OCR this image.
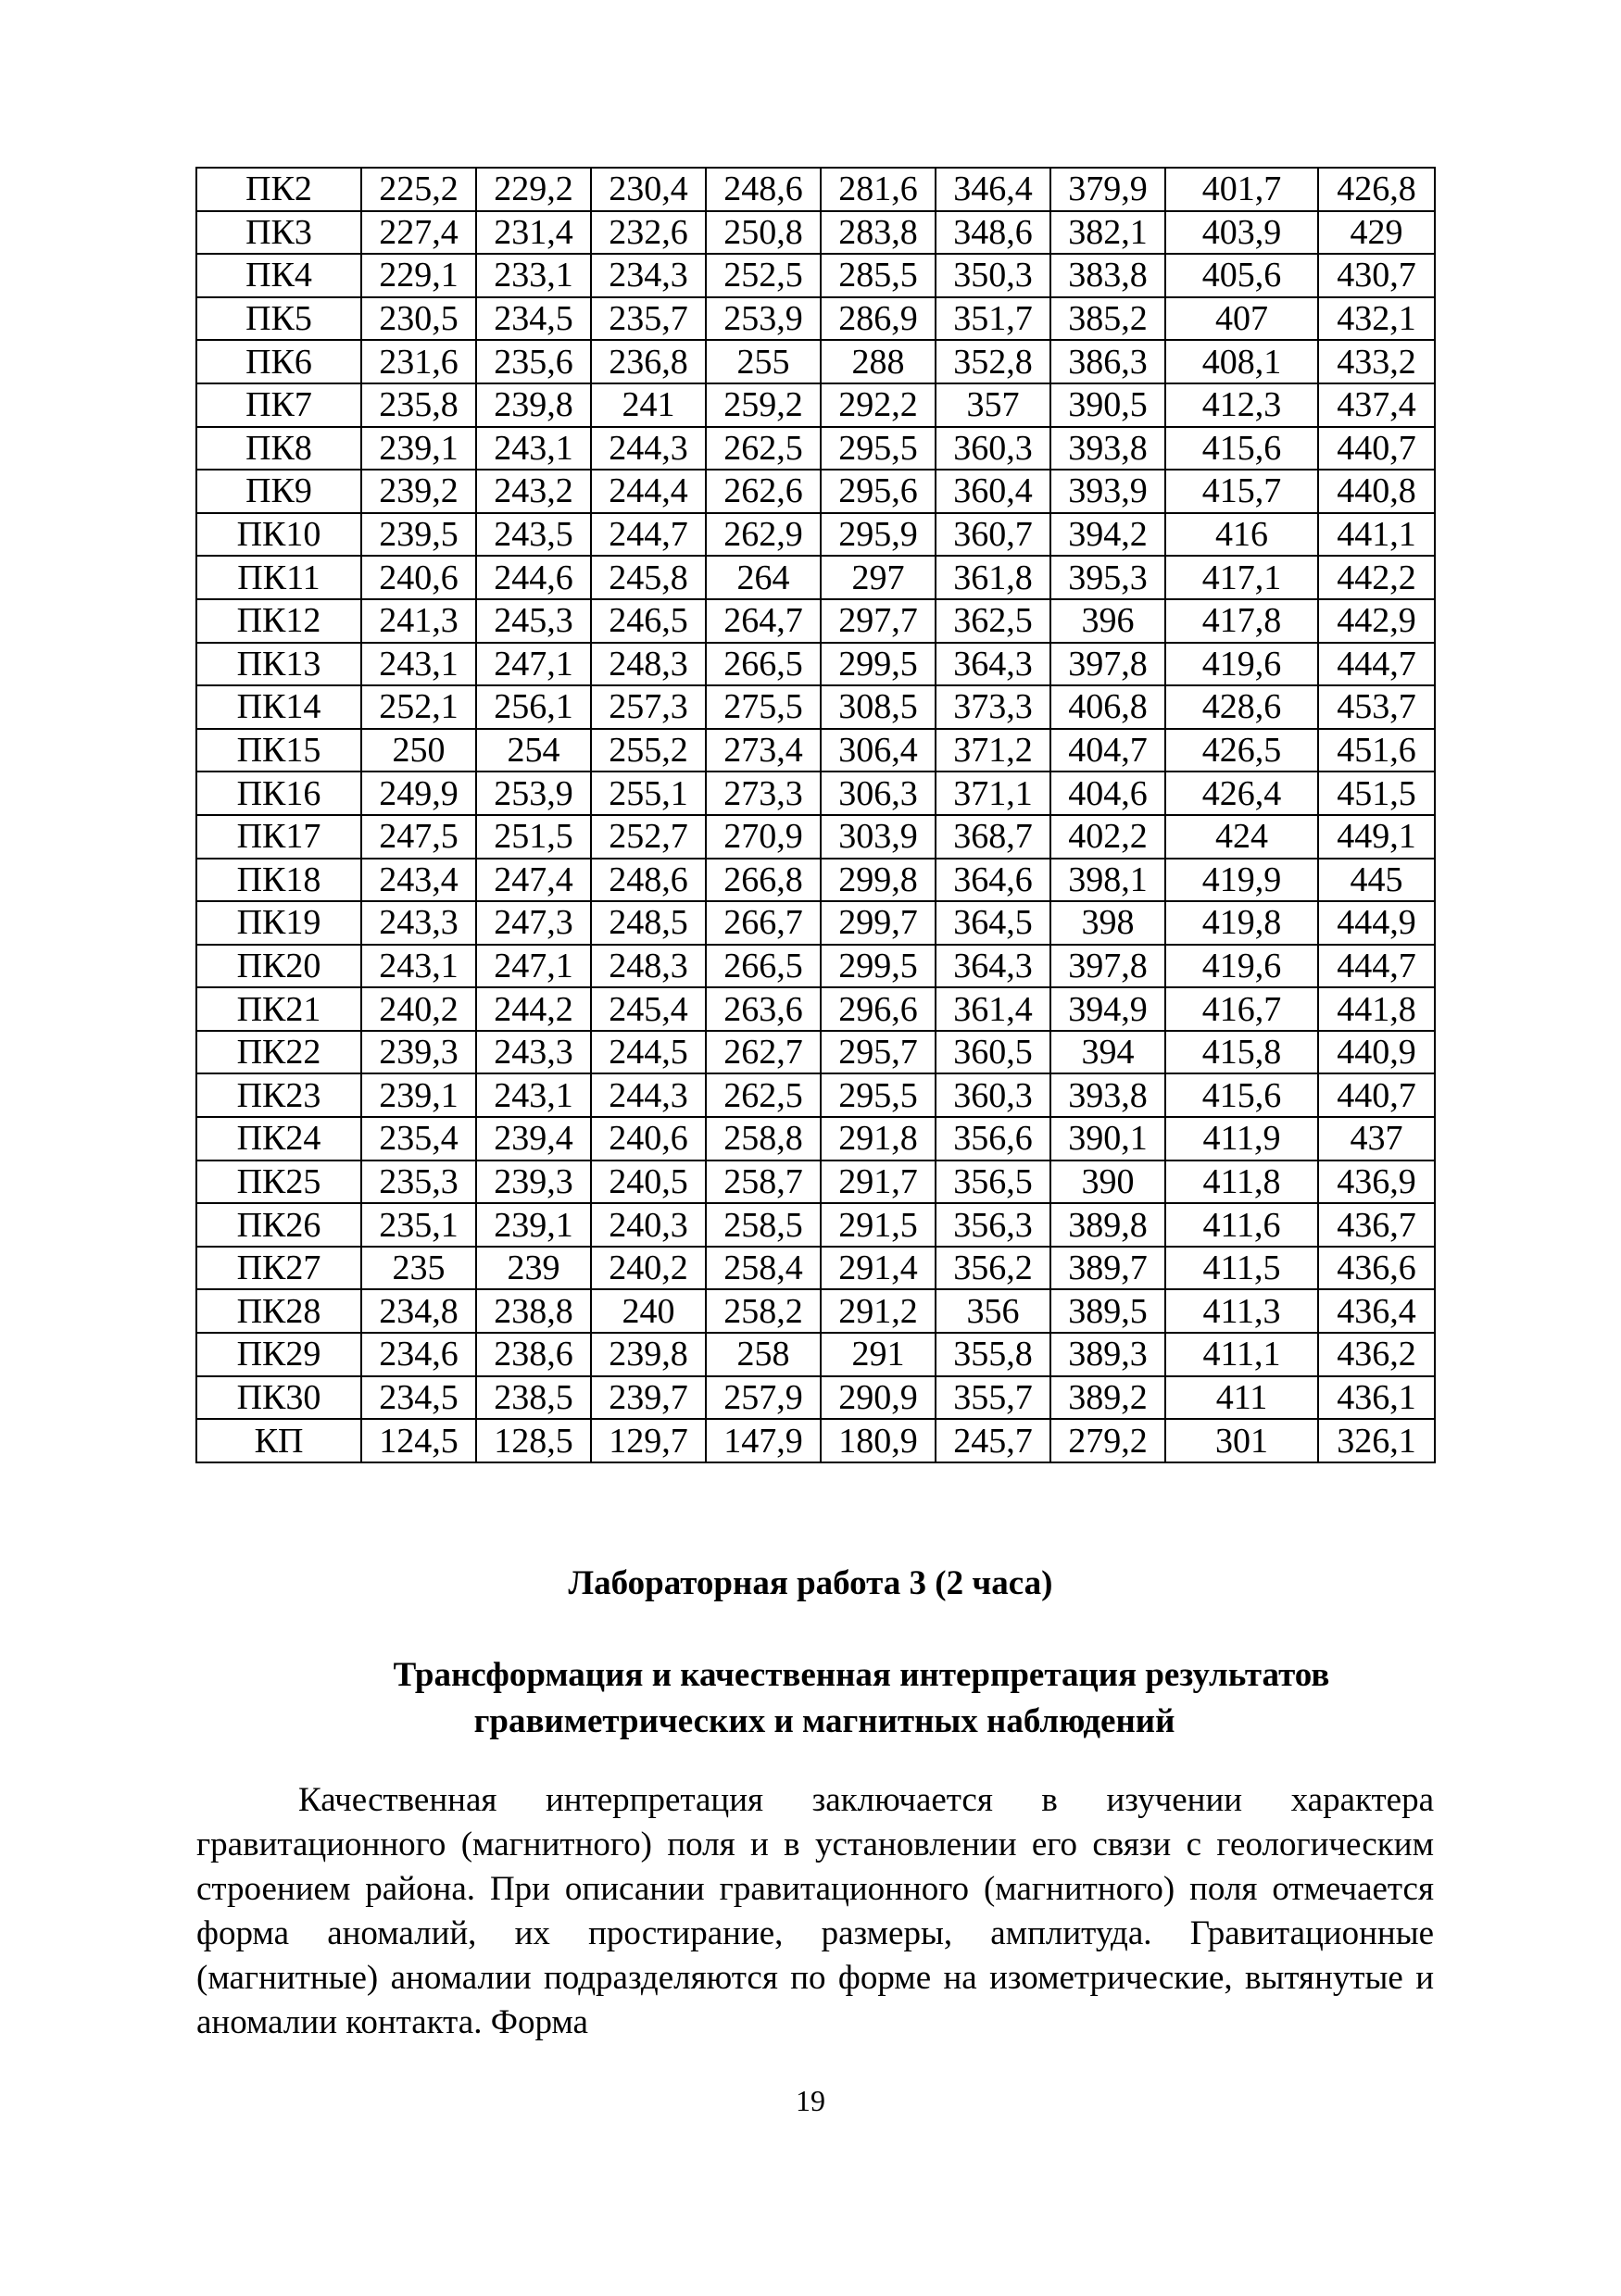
ПК2	225,2	229,2	230,4	248,6	281,6	346,4	379,9	401,7	426,8
ПК3	227,4	231,4	232,6	250,8	283,8	348,6	382,1	403,9	429
ПК4	229,1	233,1	234,3	252,5	285,5	350,3	383,8	405,6	430,7
ПК5	230,5	234,5	235,7	253,9	286,9	351,7	385,2	407	432,1
ПК6	231,6	235,6	236,8	255	288	352,8	386,3	408,1	433,2
ПК7	235,8	239,8	241	259,2	292,2	357	390,5	412,3	437,4
ПК8	239,1	243,1	244,3	262,5	295,5	360,3	393,8	415,6	440,7
ПК9	239,2	243,2	244,4	262,6	295,6	360,4	393,9	415,7	440,8
ПК10	239,5	243,5	244,7	262,9	295,9	360,7	394,2	416	441,1
ПК11	240,6	244,6	245,8	264	297	361,8	395,3	417,1	442,2
ПК12	241,3	245,3	246,5	264,7	297,7	362,5	396	417,8	442,9
ПК13	243,1	247,1	248,3	266,5	299,5	364,3	397,8	419,6	444,7
ПК14	252,1	256,1	257,3	275,5	308,5	373,3	406,8	428,6	453,7
ПК15	250	254	255,2	273,4	306,4	371,2	404,7	426,5	451,6
ПК16	249,9	253,9	255,1	273,3	306,3	371,1	404,6	426,4	451,5
ПК17	247,5	251,5	252,7	270,9	303,9	368,7	402,2	424	449,1
ПК18	243,4	247,4	248,6	266,8	299,8	364,6	398,1	419,9	445
ПК19	243,3	247,3	248,5	266,7	299,7	364,5	398	419,8	444,9
ПК20	243,1	247,1	248,3	266,5	299,5	364,3	397,8	419,6	444,7
ПК21	240,2	244,2	245,4	263,6	296,6	361,4	394,9	416,7	441,8
ПК22	239,3	243,3	244,5	262,7	295,7	360,5	394	415,8	440,9
ПК23	239,1	243,1	244,3	262,5	295,5	360,3	393,8	415,6	440,7
ПК24	235,4	239,4	240,6	258,8	291,8	356,6	390,1	411,9	437
ПК25	235,3	239,3	240,5	258,7	291,7	356,5	390	411,8	436,9
ПК26	235,1	239,1	240,3	258,5	291,5	356,3	389,8	411,6	436,7
ПК27	235	239	240,2	258,4	291,4	356,2	389,7	411,5	436,6
ПК28	234,8	238,8	240	258,2	291,2	356	389,5	411,3	436,4
ПК29	234,6	238,6	239,8	258	291	355,8	389,3	411,1	436,2
ПК30	234,5	238,5	239,7	257,9	290,9	355,7	389,2	411	436,1
КП	124,5	128,5	129,7	147,9	180,9	245,7	279,2	301	326,1
Лабораторная работа 3 (2 часа)
Трансформация и качественная интерпретация результатов

гравиметрических и магнитных наблюдений

Качественная интерпретация заключается в изучении характера гравитационного (магнитного) поля и в установлении его связи с геологическим строением района. При описании гравитационного (магнитного) поля отмечается форма аномалий, их простирание, размеры, амплитуда. Гравитационные (магнитные) аномалии подразделяются по форме на изометрические, вытянутые и аномалии контакта. Форма

19
